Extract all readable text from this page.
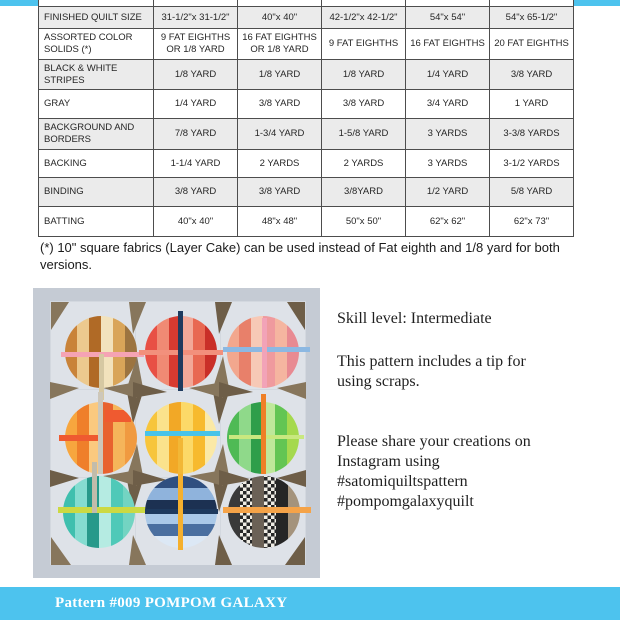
FINISHED QUILT SIZE	31-1/2"x 31-1/2"	40"x 40"	42-1/2"x 42-1/2"	54"x 54"	54"x 65-1/2"
ASSORTED COLOR SOLIDS (*)	9 FAT EIGHTHS OR 1/8 YARD	16 FAT EIGHTHS OR 1/8 YARD	9 FAT EIGHTHS	16 FAT EIGHTHS	20 FAT EIGHTHS
BLACK & WHITE STRIPES	1/8 YARD	1/8 YARD	1/8 YARD	1/4 YARD	3/8 YARD
GRAY	1/4 YARD	3/8 YARD	3/8 YARD	3/4 YARD	1 YARD
BACKGROUND AND BORDERS	7/8 YARD	1-3/4 YARD	1-5/8 YARD	3 YARDS	3-3/8 YARDS
BACKING	1-1/4 YARD	2 YARDS	2 YARDS	3 YARDS	3-1/2 YARDS
BINDING	3/8 YARD	3/8 YARD	3/8YARD	1/2 YARD	5/8 YARD
BATTING	40"x 40"	48"x 48"	50"x 50"	62"x 62"	62"x 73"
(*) 10" square fabrics (Layer Cake) can be used instead of Fat eighth and 1/8 yard for both versions.

Skill level: Intermediate

This pattern includes a tip for
using scraps.

Please share your creations on
Instagram using
#satomiquiltspattern
#pompomgalaxyquilt

Pattern #009 POMPOM GALAXY
